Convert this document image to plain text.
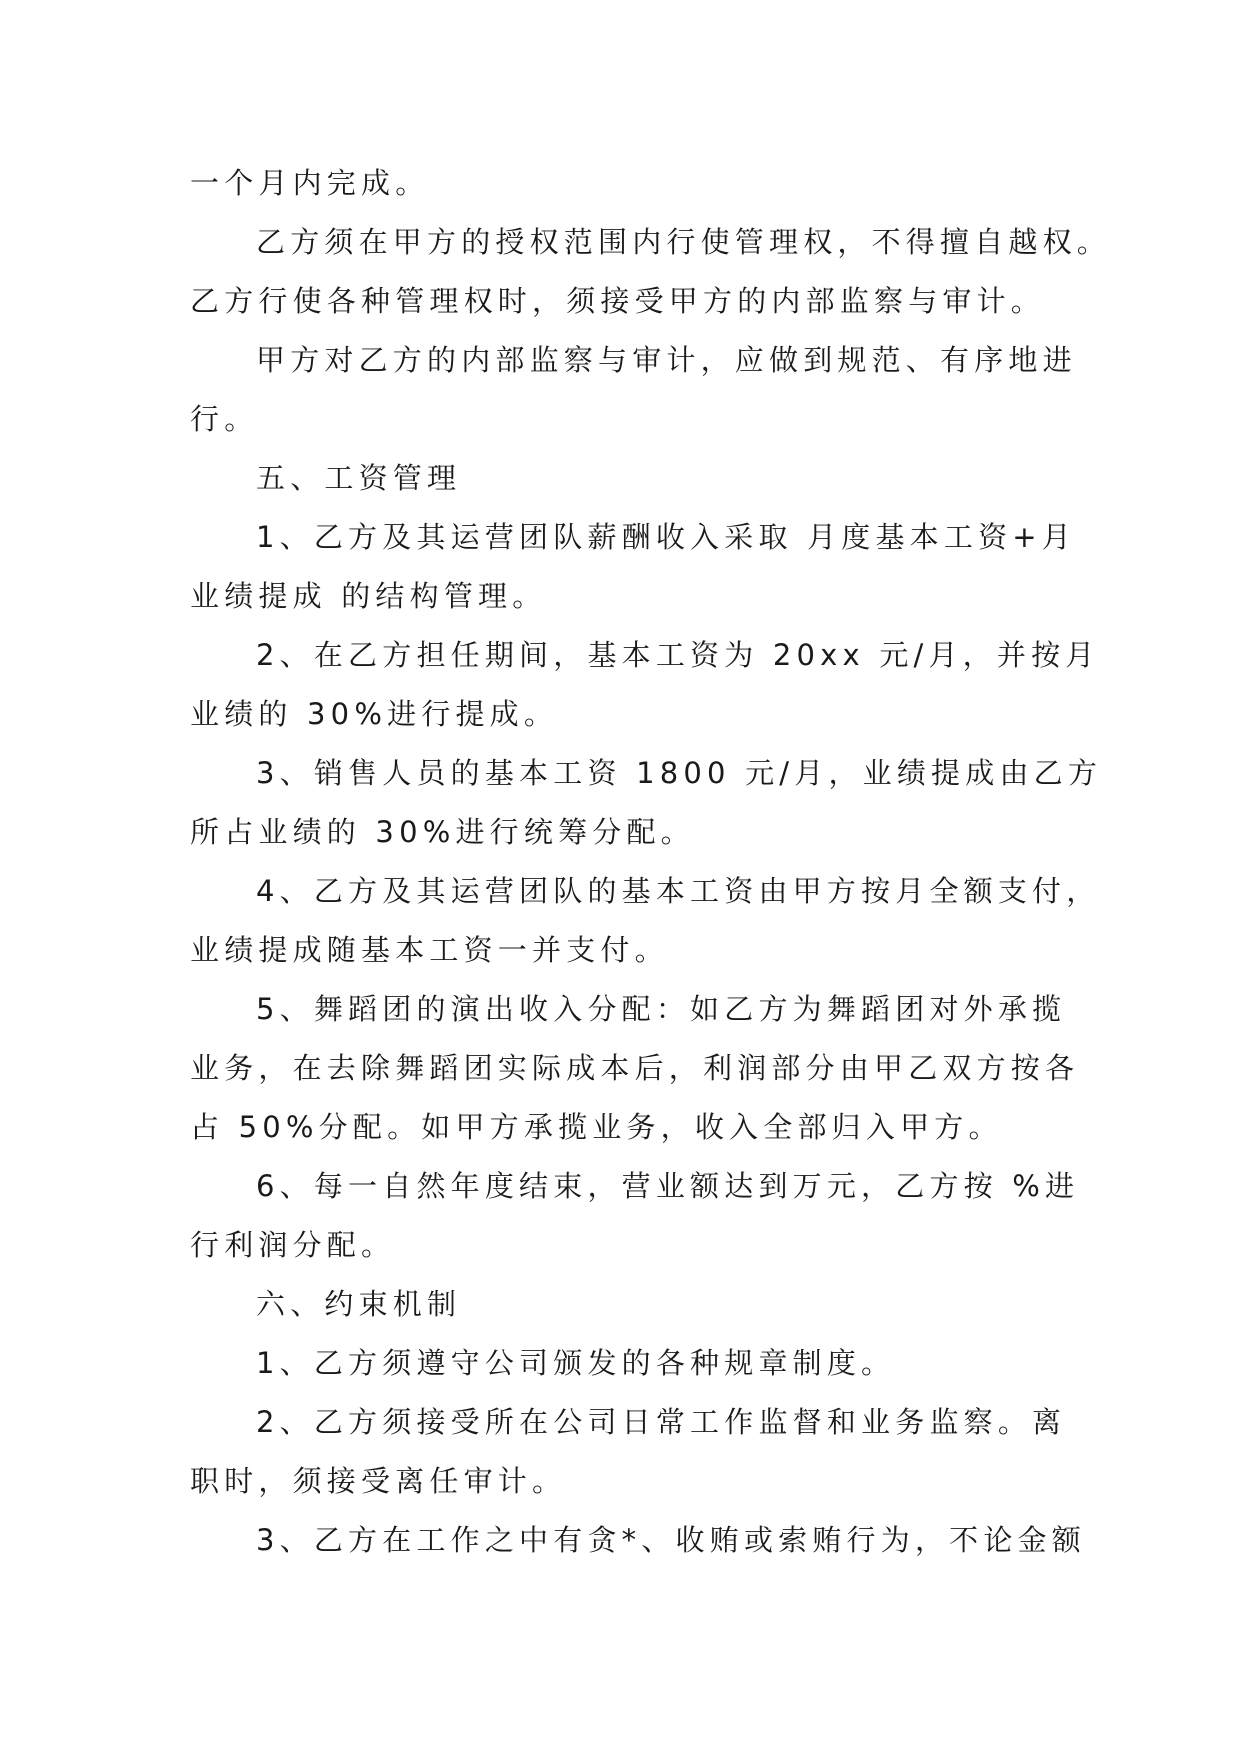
一个月内完成。
乙方须在甲方的授权范围内行使管理权，不得擅自越权。
乙方行使各种管理权时，须接受甲方的内部监察与审计。
甲方对乙方的内部监察与审计，应做到规范、有序地进
行。
五、工资管理
1、乙方及其运营团队薪酬收入采取 月度基本工资+月
业绩提成 的结构管理。
2、在乙方担任期间，基本工资为 20xx 元/月，并按月
业绩的 30%进行提成。
3、销售人员的基本工资 1800 元/月，业绩提成由乙方
所占业绩的 30%进行统筹分配。
4、乙方及其运营团队的基本工资由甲方按月全额支付，
业绩提成随基本工资一并支付。
5、舞蹈团的演出收入分配：如乙方为舞蹈团对外承揽
业务，在去除舞蹈团实际成本后，利润部分由甲乙双方按各
占 50%分配。如甲方承揽业务，收入全部归入甲方。
6、每一自然年度结束，营业额达到万元，乙方按 %进
行利润分配。
六、约束机制
1、乙方须遵守公司颁发的各种规章制度。
2、乙方须接受所在公司日常工作监督和业务监察。离
职时，须接受离任审计。
3、乙方在工作之中有贪*、收贿或索贿行为，不论金额
